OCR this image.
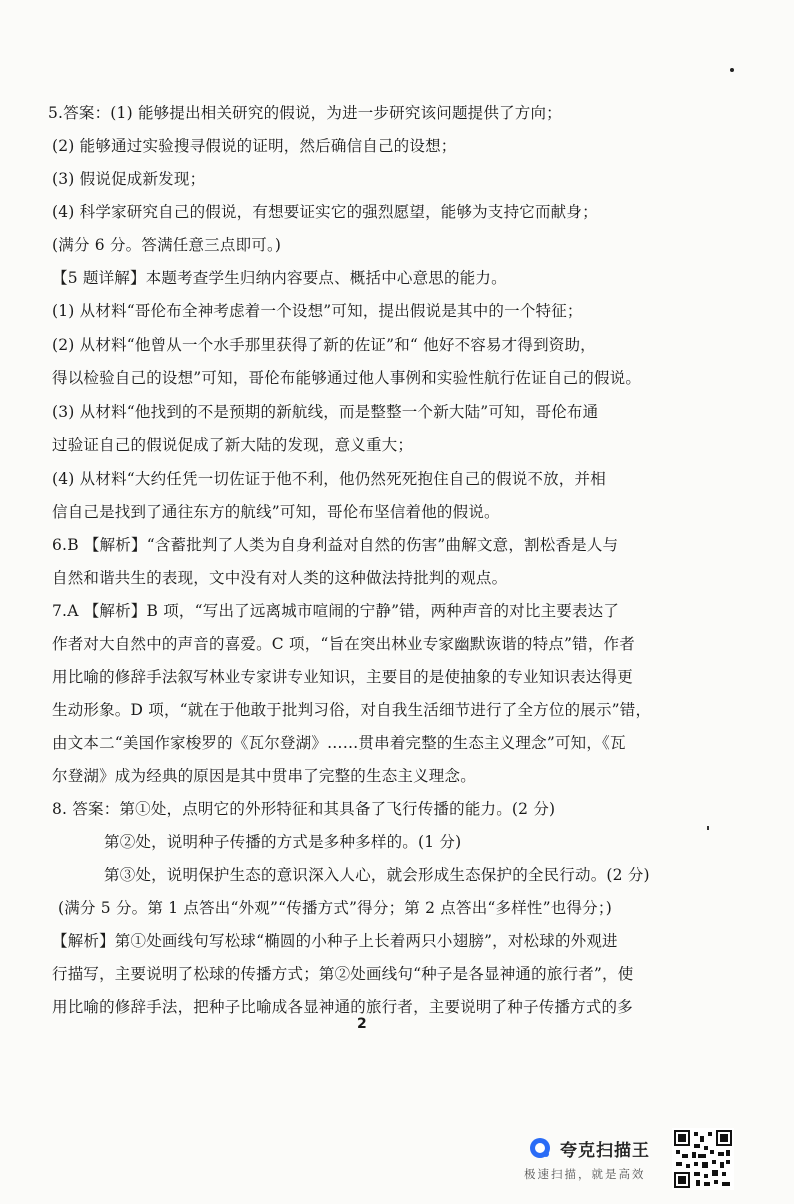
5.答案：(1) 能够提出相关研究的假说，为进一步研究该问题提供了方向；
(2) 能够通过实验搜寻假说的证明，然后确信自己的设想；
(3) 假说促成新发现；
(4) 科学家研究自己的假说，有想要证实它的强烈愿望，能够为支持它而献身；
(满分 6 分。答满任意三点即可。)
【5 题详解】本题考查学生归纳内容要点、概括中心意思的能力。
(1) 从材料“哥伦布全神考虑着一个设想”可知，提出假说是其中的一个特征；
(2) 从材料“他曾从一个水手那里获得了新的佐证”和“ 他好不容易才得到资助，
得以检验自己的设想”可知，哥伦布能够通过他人事例和实验性航行佐证自己的假说。
(3) 从材料“他找到的不是预期的新航线，而是整整一个新大陆”可知，哥伦布通
过验证自己的假说促成了新大陆的发现，意义重大；
(4) 从材料“大约任凭一切佐证于他不利，他仍然死死抱住自己的假说不放，并相
信自己是找到了通往东方的航线”可知，哥伦布坚信着他的假说。
6.B 【解析】“含蓄批判了人类为自身利益对自然的伤害”曲解文意，割松香是人与
自然和谐共生的表现，文中没有对人类的这种做法持批判的观点。
7.A 【解析】B 项，“写出了远离城市喧闹的宁静”错，两种声音的对比主要表达了
作者对大自然中的声音的喜爱。C 项，“旨在突出林业专家幽默诙谐的特点”错，作者
用比喻的修辞手法叙写林业专家讲专业知识，主要目的是使抽象的专业知识表达得更
生动形象。D 项，“就在于他敢于批判习俗，对自我生活细节进行了全方位的展示”错，
由文本二“美国作家梭罗的《瓦尔登湖》……贯串着完整的生态主义理念”可知，《瓦
尔登湖》成为经典的原因是其中贯串了完整的生态主义理念。
8. 答案：第①处，点明它的外形特征和其具备了飞行传播的能力。(2 分)
第②处，说明种子传播的方式是多种多样的。(1 分)
第③处，说明保护生态的意识深入人心，就会形成生态保护的全民行动。(2 分)
(满分 5 分。第 1 点答出“外观”“传播方式”得分；第 2 点答出“多样性”也得分；)
【解析】第①处画线句写松球“椭圆的小种子上长着两只小翅膀”，对松球的外观进
行描写，主要说明了松球的传播方式；第②处画线句“种子是各显神通的旅行者”，使
用比喻的修辞手法，把种子比喻成各显神通的旅行者，主要说明了种子传播方式的多
2
夸克扫描王
极速扫描，就是高效
